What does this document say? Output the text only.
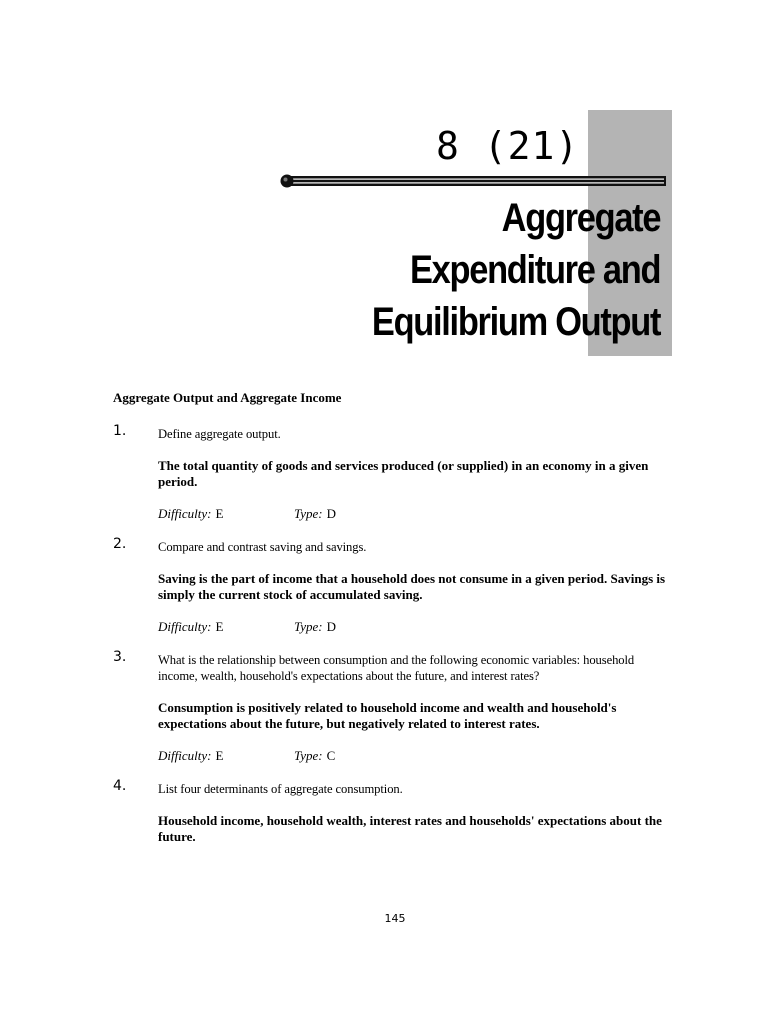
8 (21)
Aggregate
Expenditure and
Equilibrium Output
Aggregate Output and Aggregate Income
1. Define aggregate output.
The total quantity of goods and services produced (or supplied) in an economy in a given period.
Difficulty: E	Type: D
2. Compare and contrast saving and savings.
Saving is the part of income that a household does not consume in a given period. Savings is simply the current stock of accumulated saving.
Difficulty: E	Type: D
3. What is the relationship between consumption and the following economic variables: household income, wealth, household's expectations about the future, and interest rates?
Consumption is positively related to household income and wealth and household's expectations about the future, but negatively related to interest rates.
Difficulty: E	Type: C
4. List four determinants of aggregate consumption.
Household income, household wealth, interest rates and households' expectations about the future.
145
